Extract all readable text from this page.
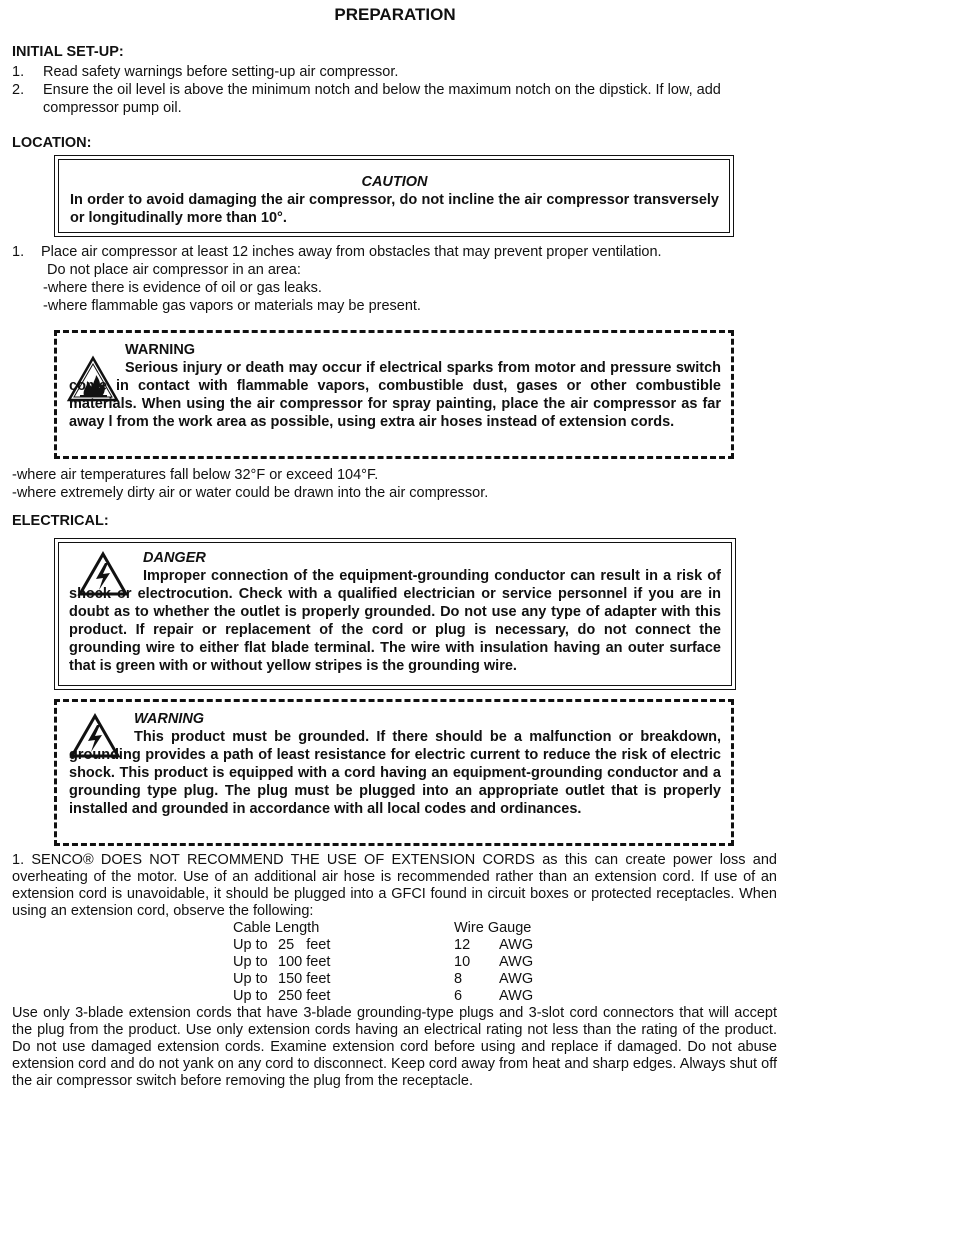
PREPARATION
INITIAL SET-UP:
1. Read safety warnings before setting-up air compressor.
2. Ensure the oil level is above the minimum notch and below the maximum notch on the dipstick. If low, add
compressor pump oil.
LOCATION:
CAUTION
In order to avoid damaging the air compressor, do not incline the air compressor transversely or longitudinally more than 10°.
1. Place air compressor at least 12 inches away from obstacles that may prevent proper ventilation.
Do not place air compressor in an area:
-where there is evidence of oil or gas leaks.
-where flammable gas vapors or materials may be present.
WARNING
Serious injury or death may occur if electrical sparks from motor and pressure switch come in contact with flammable vapors, combustible dust, gases or other combustible materials. When using the air compressor for spray painting, place the air compressor as far away l from the work area as possible, using extra air hoses instead of extension cords.
-where air temperatures fall below 32°F or exceed 104°F.
-where extremely dirty air or water could be drawn into the air compressor.
ELECTRICAL:
DANGER
Improper connection of the equipment-grounding conductor can result in a risk of shock or electrocution. Check with a qualified electrician or service personnel if you are in doubt as to whether the outlet is properly grounded. Do not use any type of adapter with this product. If repair or replacement of the cord or plug is necessary, do not connect the grounding wire to either flat blade terminal. The wire with insulation having an outer surface that is green with or without yellow stripes is the grounding wire.
WARNING
This product must be grounded. If there should be a malfunction or breakdown, grounding provides a path of least resistance for electric current to reduce the risk of electric shock. This product is equipped with a cord having an equipment-grounding conductor and a grounding type plug. The plug must be plugged into an appropriate outlet that is properly installed and grounded in accordance with all local codes and ordinances.
1. SENCO® DOES NOT RECOMMEND THE USE OF EXTENSION CORDS as this can create power loss and overheating of the motor. Use of an additional air hose is recommended rather than an extension cord. If use of an extension cord is unavoidable, it should be plugged into a GFCI found in circuit boxes or protected receptacles. When using an extension cord, observe the following:
Cable Length	Wire Gauge
Up to 25   feet	12 AWG
Up to 100 feet	10 AWG
Up to 150 feet	8	AWG
Up to 250 feet	6	AWG
Use only 3-blade extension cords that have 3-blade grounding-type plugs and 3-slot cord connectors that will accept the plug from the product. Use only extension cords having an electrical rating not less than the rating of the product. Do not use damaged extension cords. Examine extension cord before using and replace if damaged. Do not abuse extension cord and do not yank on any cord to disconnect. Keep cord away from heat and sharp edges. Always shut off the air compressor switch before removing the plug from the receptacle.
